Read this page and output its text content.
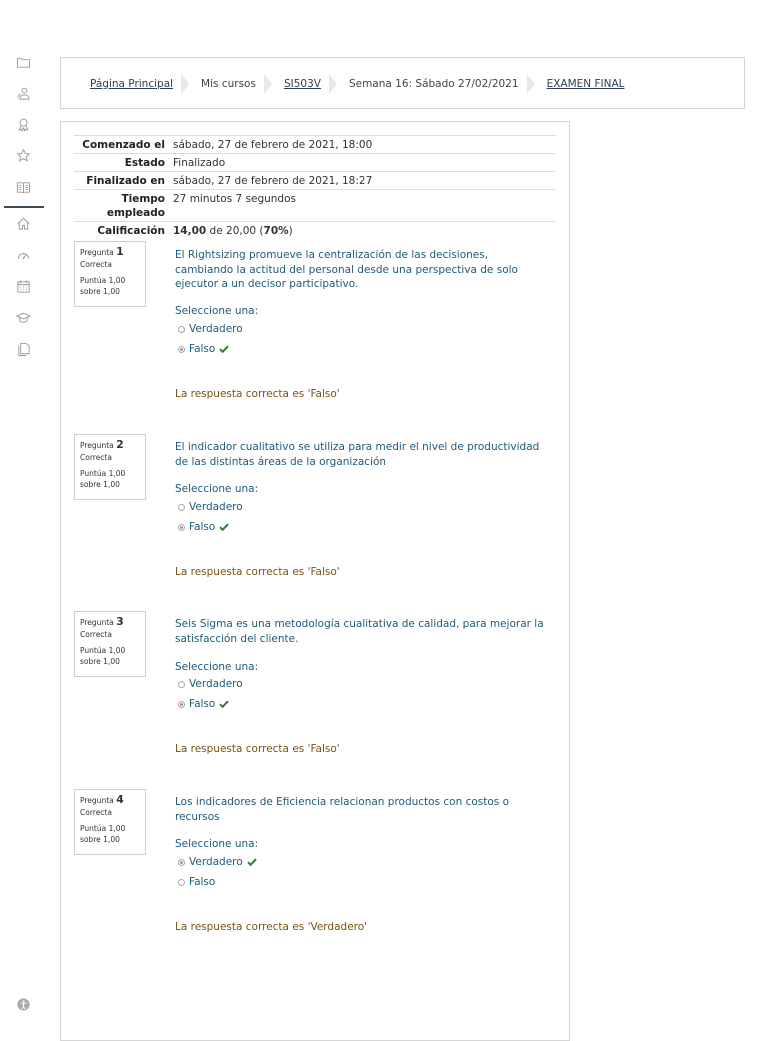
Página Principal	Mis cursos	SI503V	Semana 16: Sábado 27/02/2021	EXAMEN FINAL
Comenzado el sábado, 27 de febrero de 2021, 18:00
Estado Finalizado
Finalizado en sábado, 27 de febrero de 2021, 18:27
Tiempo
empleado
27 minutos 7 segundos
Calificación 14,00 de 20,00 (70%)
Pregunta 1
Correcta
Puntúa 1,00
sobre 1,00
El Rightsizing promueve la centralización de las decisiones, cambiando la actitud del personal desde una perspectiva de solo ejecutor a un decisor participativo.
Seleccione una:
Verdadero
Falso
La respuesta correcta es 'Falso'
Pregunta 2
Correcta
Puntúa 1,00
sobre 1,00
El indicador cualitativo se utiliza para medir el nivel de productividad de las distintas áreas de la organización
Seleccione una:
Verdadero
Falso
La respuesta correcta es 'Falso'
Pregunta 3
Correcta
Puntúa 1,00
sobre 1,00
Seis Sigma es una metodología cualitativa de calidad, para mejorar la satisfacción del cliente.
Seleccione una:
Verdadero
Falso
La respuesta correcta es 'Falso'
Pregunta 4
Correcta
Puntúa 1,00
sobre 1,00
Los indicadores de Eficiencia relacionan productos con costos o recursos
Seleccione una:
Verdadero
Falso
La respuesta correcta es 'Verdadero'
